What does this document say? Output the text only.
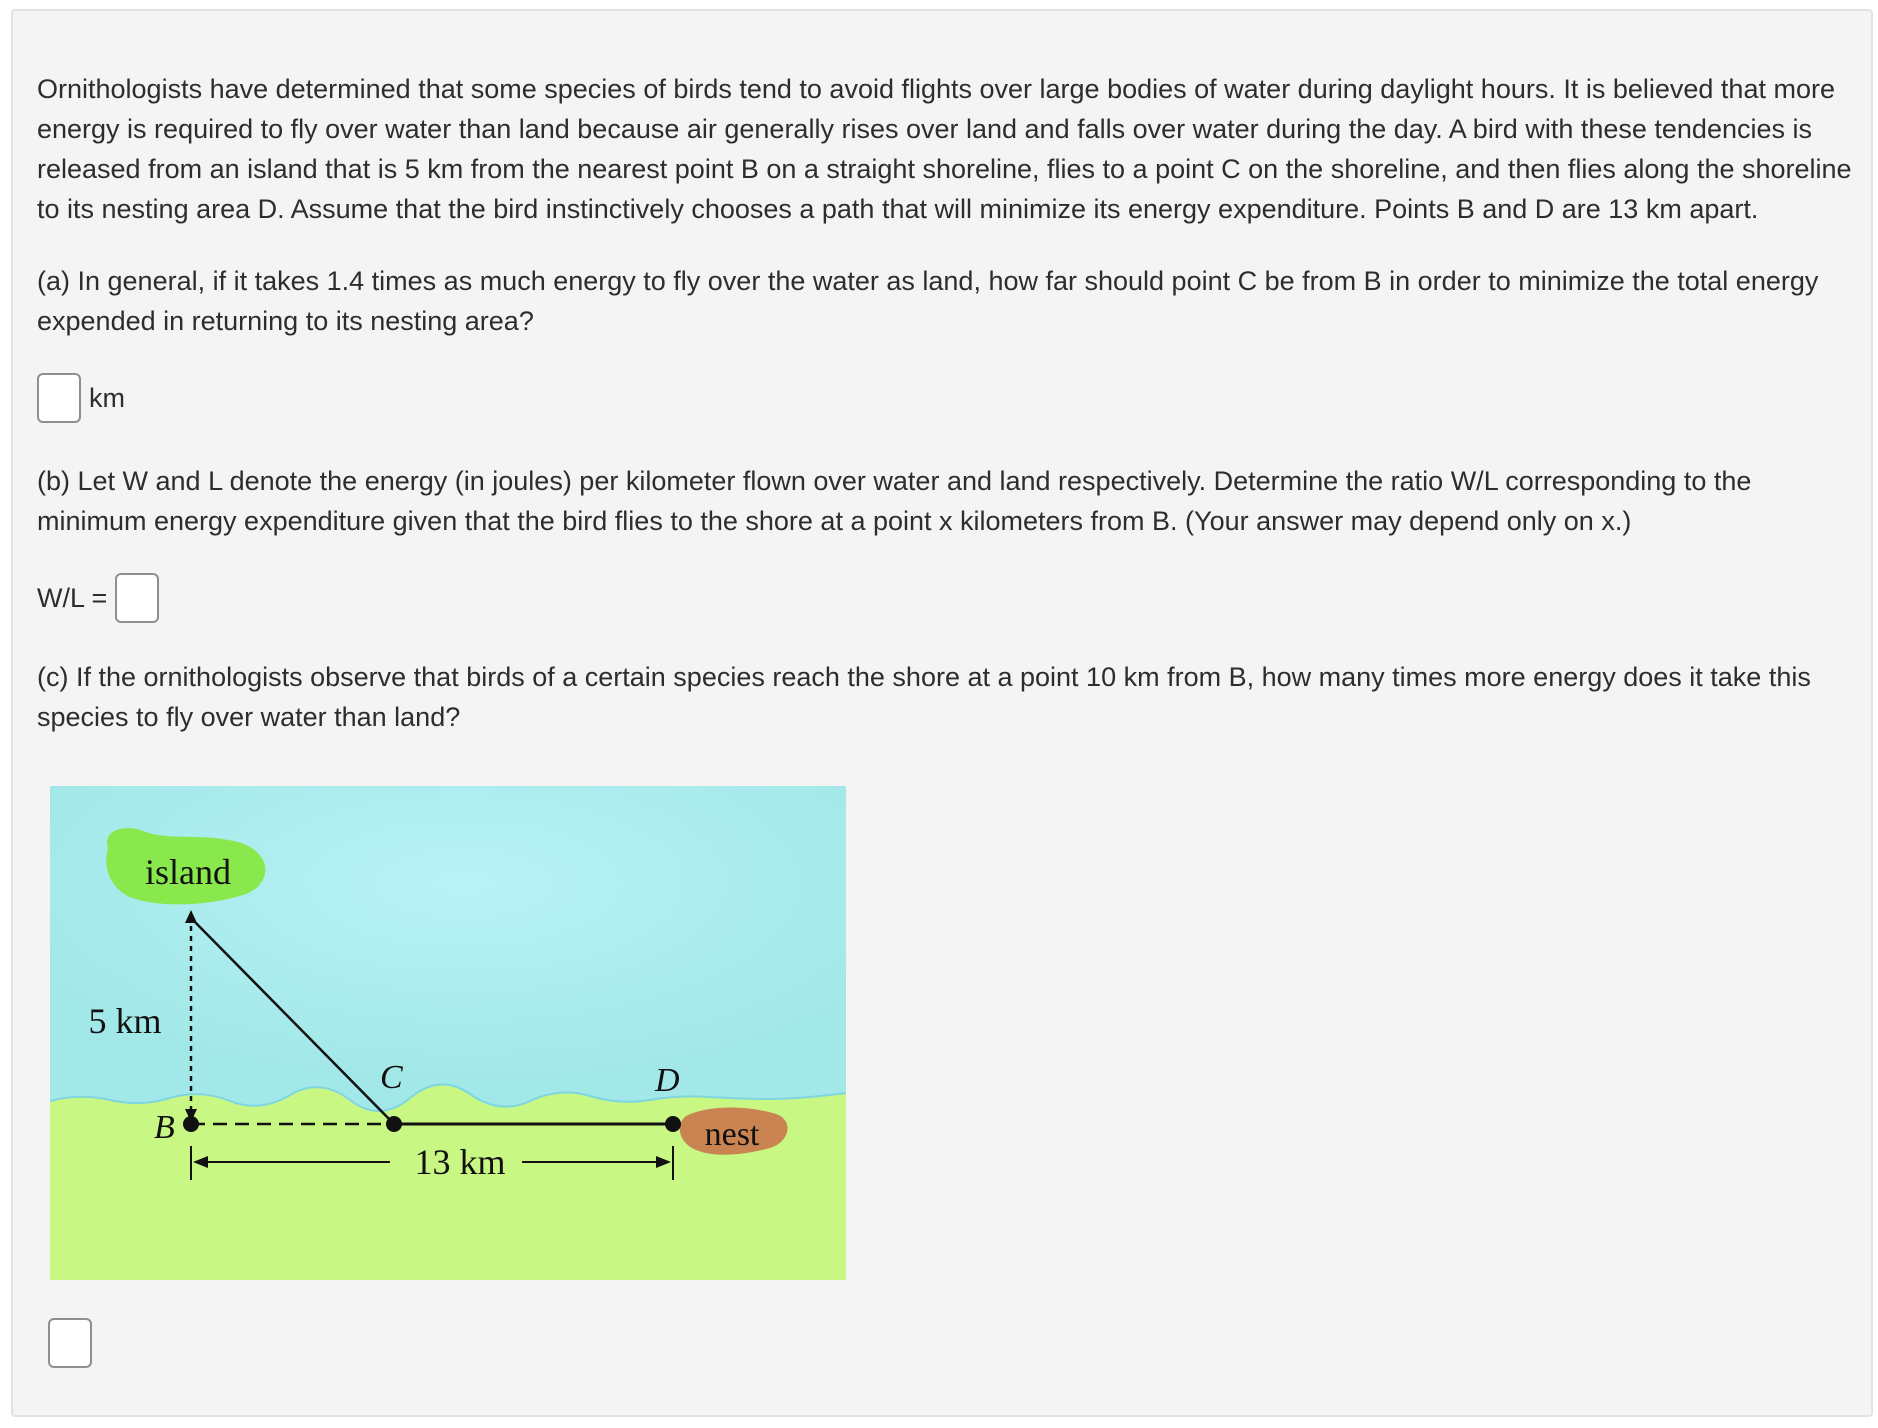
Ornithologists have determined that some species of birds tend to avoid flights over large bodies of water during daylight hours. It is believed that more energy is required to fly over water than land because air generally rises over land and falls over water during the day. A bird with these tendencies is released from an island that is 5 km from the nearest point B on a straight shoreline, flies to a point C on the shoreline, and then flies along the shoreline to its nesting area D. Assume that the bird instinctively chooses a path that will minimize its energy expenditure. Points B and D are 13 km apart.

(a) In general, if it takes 1.4 times as much energy to fly over the water as land, how far should point C be from B in order to minimize the total energy expended in returning to its nesting area?

km

(b) Let W and L denote the energy (in joules) per kilometer flown over water and land respectively. Determine the ratio W/L corresponding to the minimum energy expenditure given that the bird flies to the shore at a point x kilometers from B. (Your answer may depend only on x.)

W/L =

(c) If the ornithologists observe that birds of a certain species reach the shore at a point 10 km from B, how many times more energy does it take this species to fly over water than land?

island
nest
5 km
B
C	D
13 km
